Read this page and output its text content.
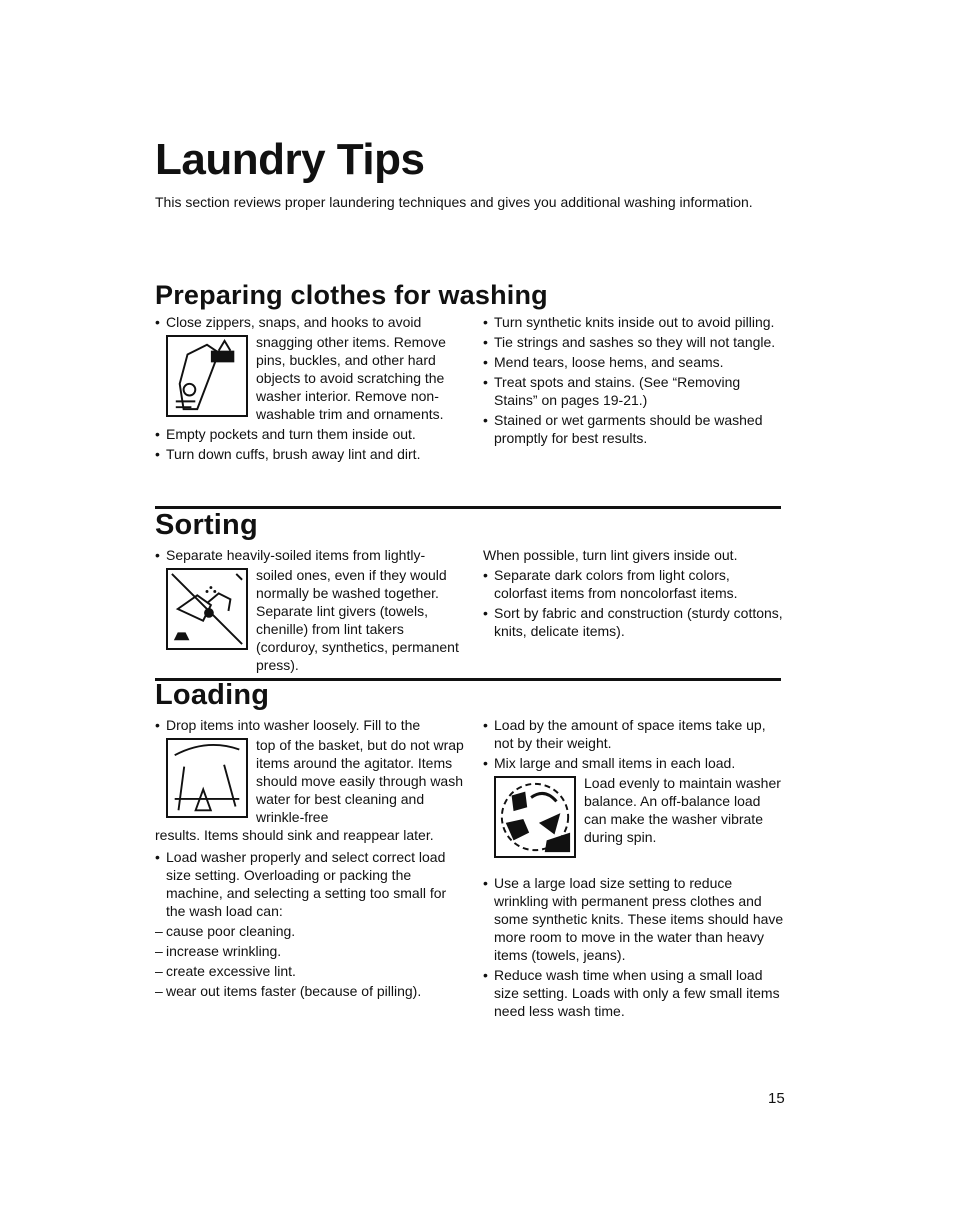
Laundry Tips
This section reviews proper laundering techniques and gives you additional washing information.
Preparing clothes for washing

• Close zippers, snaps, and hooks to avoid

snagging other items. Remove pins, buckles, and other hard objects to avoid scratching the washer interior. Remove non-washable trim and ornaments.

• Empty pockets and turn them inside out.

• Turn down cuffs, brush away lint and dirt.

• Turn synthetic knits inside out to avoid pilling.

• Tie strings and sashes so they will not tangle.

• Mend tears, loose hems, and seams.

• Treat spots and stains. (See “Removing Stains” on pages 19-21.)

• Stained or wet garments should be washed promptly for best results.

Sorting

• Separate heavily-soiled items from lightly-

soiled ones, even if they would normally be washed together. Separate lint givers (towels, chenille) from lint takers (corduroy, synthetics, permanent press).

When possible, turn lint givers inside out.

• Separate dark colors from light colors, colorfast items from noncolorfast items.

• Sort by fabric and construction (sturdy cottons, knits, delicate items).

Loading

• Drop items into washer loosely. Fill to the

top of the basket, but do not wrap items around the agitator. Items should move easily through wash water for best cleaning and wrinkle-free

results. Items should sink and reappear later.

• Load washer properly and select correct load size setting. Overloading or packing the machine, and selecting a setting too small for the wash load can:

– cause poor cleaning.

– increase wrinkling.

– create excessive lint.

– wear out items faster (because of pilling).

• Load by the amount of space items take up, not by their weight.

• Mix large and small items in each load.

Load evenly to maintain washer balance. An off-balance load can make the washer vibrate during spin.

• Use a large load size setting to reduce wrinkling with permanent press clothes and some synthetic knits. These items should have more room to move in the water than heavy items (towels, jeans).

• Reduce wash time when using a small load size setting. Loads with only a few small items need less wash time.

15
